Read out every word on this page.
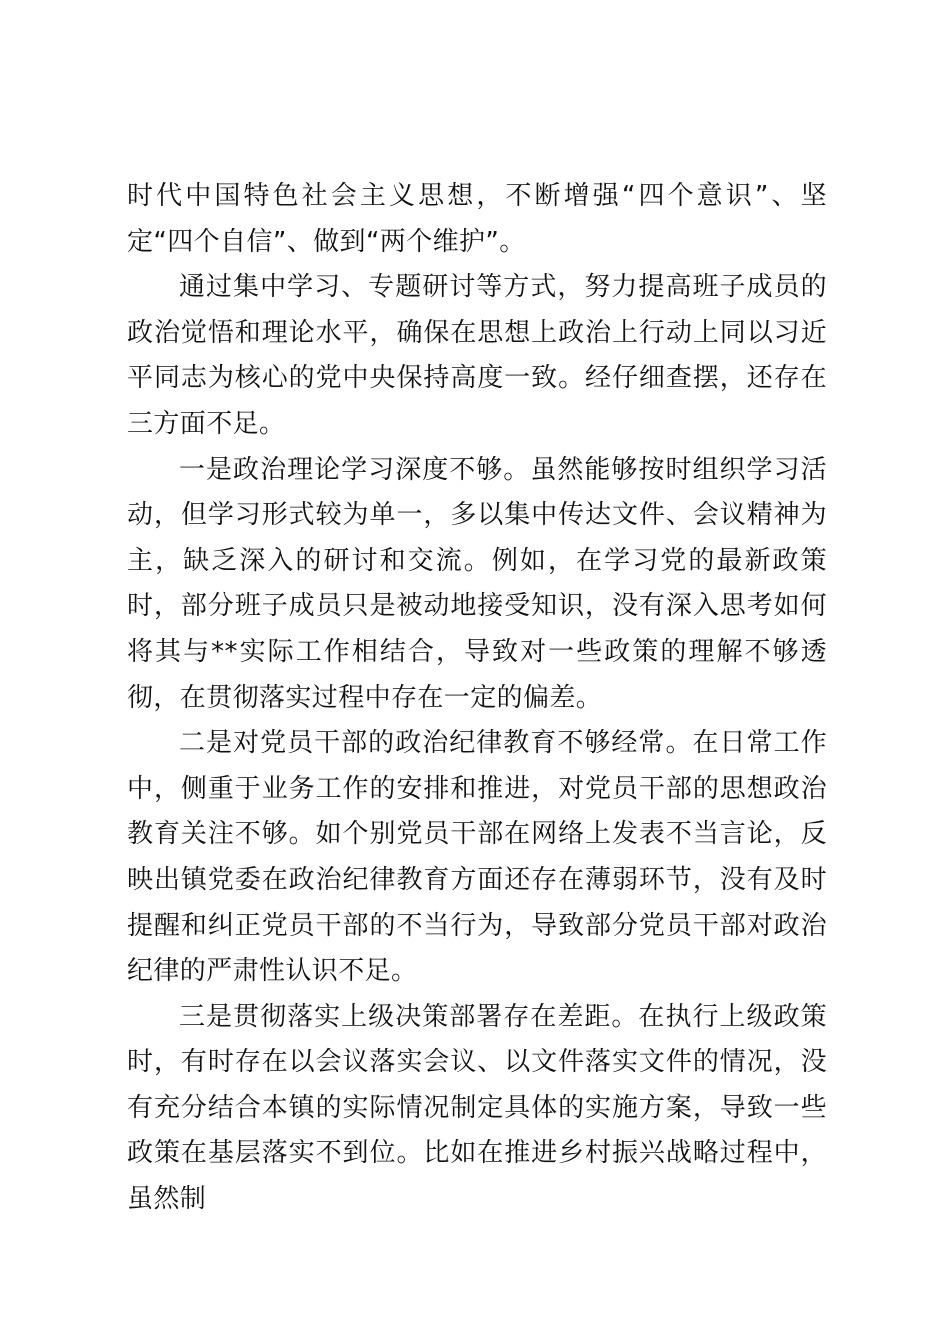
时代中国特色社会主义思想，不断增强“四个意识”、坚定“四个自信”、做到“两个维护”。

通过集中学习、专题研讨等方式，努力提高班子成员的政治觉悟和理论水平，确保在思想上政治上行动上同以习近平同志为核心的党中央保持高度一致。经仔细查摆，还存在三方面不足。

一是政治理论学习深度不够。虽然能够按时组织学习活动，但学习形式较为单一，多以集中传达文件、会议精神为主，缺乏深入的研讨和交流。例如，在学习党的最新政策时，部分班子成员只是被动地接受知识，没有深入思考如何将其与**实际工作相结合，导致对一些政策的理解不够透彻，在贯彻落实过程中存在一定的偏差。

二是对党员干部的政治纪律教育不够经常。在日常工作中，侧重于业务工作的安排和推进，对党员干部的思想政治教育关注不够。如个别党员干部在网络上发表不当言论，反映出镇党委在政治纪律教育方面还存在薄弱环节，没有及时提醒和纠正党员干部的不当行为，导致部分党员干部对政治纪律的严肃性认识不足。

三是贯彻落实上级决策部署存在差距。在执行上级政策时，有时存在以会议落实会议、以文件落实文件的情况，没有充分结合本镇的实际情况制定具体的实施方案，导致一些政策在基层落实不到位。比如在推进乡村振兴战略过程中，虽然制
